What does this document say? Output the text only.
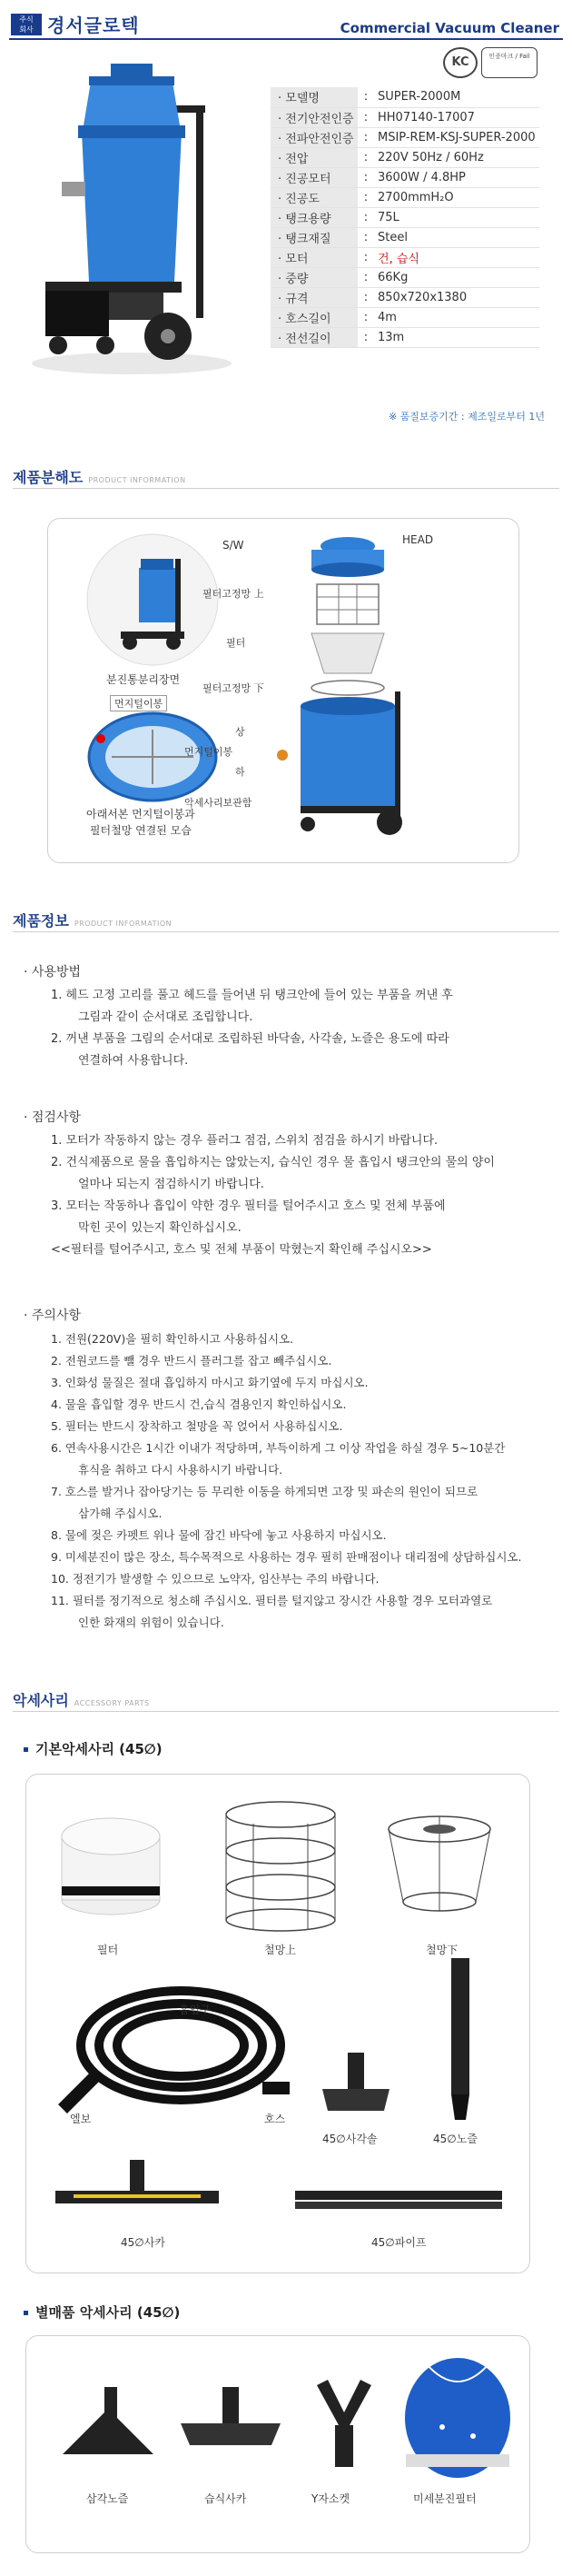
주식
회사 경서글로텍	Commercial Vacuum Cleaner
KC	인증마크 / Fail
· 모델명	:	SUPER-2000M
· 전기안전인증	:	HH07140-17007
· 전파안전인증	:	MSIP-REM-KSJ-SUPER-2000
· 전압	:	220V 50Hz / 60Hz
· 진공모터	:	3600W / 4.8HP
· 진공도	:	2700mmH₂O
· 탱크용량	:	75L
· 탱크재질	:	Steel
· 모터	:	건, 습식
· 중량	:	66Kg
· 규격	:	850x720x1380
· 호스길이	:	4m
· 전선길이	:	13m
※ 품질보증기간 : 제조일로부터 1년
제품분해도 PRODUCT INFORMATION
분진통분리장면
먼지털이봉
아래서본 먼지털이봉과
필터철망 연결된 모습
S/W	HEAD
필터고정망 上
필터
필터고정망 下
상
먼지털이봉
하
악세사리보관함
제품정보 PRODUCT INFORMATION
· 사용방법
1. 헤드 고정 고리를 풀고 헤드를 들어낸 뒤 탱크안에 들어 있는 부품을 꺼낸 후
그림과 같이 순서대로 조립합니다.
2. 꺼낸 부품을 그림의 순서대로 조립하된 바닥솔, 사각솔, 노즐은 용도에 따라
연결하여 사용합니다.
· 점검사항
1. 모터가 작동하지 않는 경우 플러그 점검, 스위치 점검을 하시기 바랍니다.
2. 건식제품으로 물을 흡입하지는 않았는지, 습식인 경우 물 흡입시 탱크안의 물의 양이
얼마나 되는지 점검하시기 바랍니다.
3. 모터는 작동하나 흡입이 약한 경우 필터를 털어주시고 호스 및 전체 부품에
막힌 곳이 있는지 확인하십시오.
<<필터를 털어주시고, 호스 및 전체 부품이 막혔는지 확인해 주십시오>>
· 주의사항
1. 전원(220V)을 필히 확인하시고 사용하십시오.
2. 전원코드를 뺄 경우 반드시 플러그를 잡고 빼주십시오.
3. 인화성 물질은 절대 흡입하지 마시고 화기옆에 두지 마십시오.
4. 물을 흡입할 경우 반드시 건,습식 겸용인지 확인하십시오.
5. 필터는 반드시 장착하고 철망을 꼭 얹어서 사용하십시오.
6. 연속사용시간은 1시간 이내가 적당하며, 부득이하게 그 이상 작업을 하실 경우 5~10분간
휴식을 취하고 다시 사용하시기 바랍니다.
7. 호스를 발거나 잡아당기는 등 무리한 이동을 하게되면 고장 및 파손의 원인이 되므로
삼가해 주십시오.
8. 물에 젖은 카펫트 위나 물에 잠긴 바닥에 놓고 사용하지 마십시오.
9. 미세분진이 많은 장소, 특수목적으로 사용하는 경우 필히 판매점이나 대리점에 상담하십시오.
10. 정전기가 발생할 수 있으므로 노약자, 임산부는 주의 바랍니다.
11. 필터를 정기적으로 청소해 주십시오. 필터를 털지않고 장시간 사용할 경우 모터과열로
인한 화재의 위험이 있습니다.
악세사리 ACCESSORY PARTS
기본악세사리 (45∅)
필터	철망上	철망下
흡입구
엘보	호스
45∅사각솔	45∅노즐
45∅사카	45∅파이프
별매품 악세사리 (45∅)
삼각노즐	습식사카	Y자소켓	미세분진필터
